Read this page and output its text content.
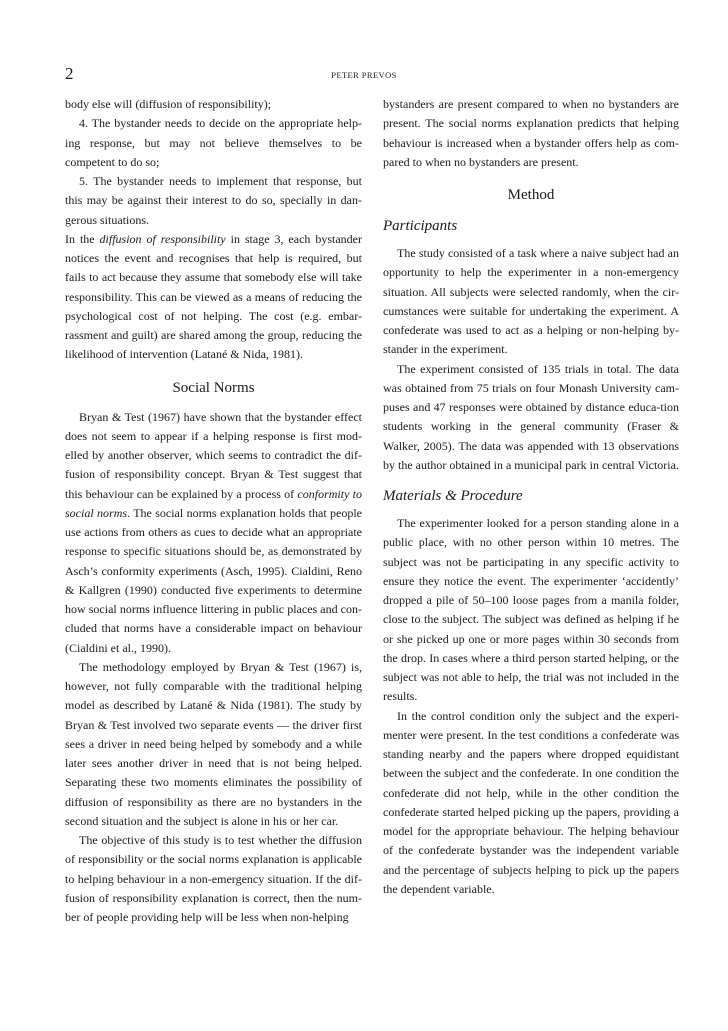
2	PETER PREVOS

body else will (diffusion of responsibility);

4. The bystander needs to decide on the appropriate help-ing response, but may not believe themselves to be competent to do so;

5. The bystander needs to implement that response, but this may be against their interest to do so, specially in dan-gerous situations.

In the diffusion of responsibility in stage 3, each bystander notices the event and recognises that help is required, but fails to act because they assume that somebody else will take responsibility. This can be viewed as a means of reducing the psychological cost of not helping. The cost (e.g. embar-rassment and guilt) are shared among the group, reducing the likelihood of intervention (Latané & Nida, 1981).

Social Norms

Bryan & Test (1967) have shown that the bystander effect does not seem to appear if a helping response is first mod-elled by another observer, which seems to contradict the dif-fusion of responsibility concept. Bryan & Test suggest that this behaviour can be explained by a process of conformity to social norms. The social norms explanation holds that people use actions from others as cues to decide what an appropriate response to specific situations should be, as demonstrated by Asch’s conformity experiments (Asch, 1995). Cialdini, Reno & Kallgren (1990) conducted five experiments to determine how social norms influence littering in public places and con-cluded that norms have a considerable impact on behaviour (Cialdini et al., 1990).

The methodology employed by Bryan & Test (1967) is, however, not fully comparable with the traditional helping model as described by Latané & Nida (1981). The study by Bryan & Test involved two separate events — the driver first sees a driver in need being helped by somebody and a while later sees another driver in need that is not being helped. Separating these two moments eliminates the possibility of diffusion of responsibility as there are no bystanders in the second situation and the subject is alone in his or her car.

The objective of this study is to test whether the diffusion of responsibility or the social norms explanation is applicable to helping behaviour in a non-emergency situation. If the dif-fusion of responsibility explanation is correct, then the num-ber of people providing help will be less when non-helping

bystanders are present compared to when no bystanders are present. The social norms explanation predicts that helping behaviour is increased when a bystander offers help as com-pared to when no bystanders are present.

Method
Participants

The study consisted of a task where a naive subject had an opportunity to help the experimenter in a non-emergency situation. All subjects were selected randomly, when the cir-cumstances were suitable for undertaking the experiment. A confederate was used to act as a helping or non-helping by-stander in the experiment.

The experiment consisted of 135 trials in total. The data was obtained from 75 trials on four Monash University cam-puses and 47 responses were obtained by distance educa-tion students working in the general community (Fraser & Walker, 2005). The data was appended with 13 observations by the author obtained in a municipal park in central Victoria.

Materials & Procedure

The experimenter looked for a person standing alone in a public place, with no other person within 10 metres. The subject was not be participating in any specific activity to ensure they notice the event. The experimenter ‘accidently’ dropped a pile of 50–100 loose pages from a manila folder, close to the subject. The subject was defined as helping if he or she picked up one or more pages within 30 seconds from the drop. In cases where a third person started helping, or the subject was not able to help, the trial was not included in the results.

In the control condition only the subject and the experi-menter were present. In the test conditions a confederate was standing nearby and the papers where dropped equidistant between the subject and the confederate. In one condition the confederate did not help, while in the other condition the confederate started helped picking up the papers, providing a model for the appropriate behaviour. The helping behaviour of the confederate bystander was the independent variable and the percentage of subjects helping to pick up the papers the dependent variable.
